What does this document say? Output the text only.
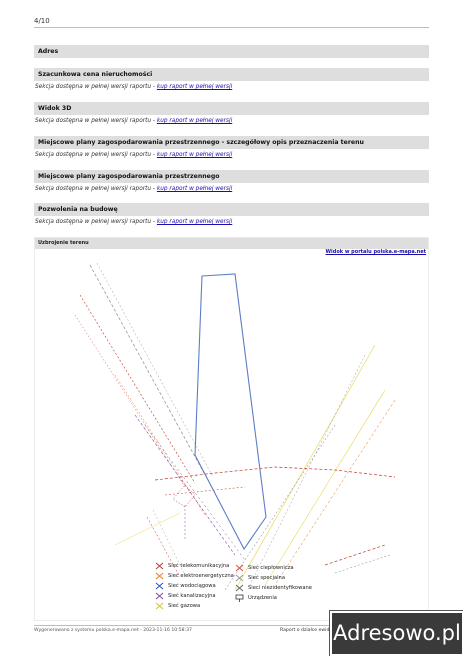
4/10
Adres
Szacunkowa cena nieruchomości
Sekcja dostępna w pełnej wersji raportu - kup raport w pełnej wersji
Widok 3D
Sekcja dostępna w pełnej wersji raportu - kup raport w pełnej wersji
Miejscowe plany zagospodarowania przestrzennego - szczegółowy opis przeznaczenia terenu
Sekcja dostępna w pełnej wersji raportu - kup raport w pełnej wersji
Miejscowe plany zagospodarowania przestrzennego
Sekcja dostępna w pełnej wersji raportu - kup raport w pełnej wersji
Pozwolenia na budowę
Sekcja dostępna w pełnej wersji raportu - kup raport w pełnej wersji
Uzbrojenie terenu
Widok w portalu polska.e-mapa.net
Sieć telekomunikacyjna
Sieć elektroenergetyczna
Sieć wodociągowa
Sieć kanalizacyjna
Sieć gazowa
Sieć ciepłownicza
Sieć specjalna
Sieci niezidentyfikowane
Urządzenia
Wygenerowano z systemu polska.e-mapa.net - 2023-11-16 10:58:37	Raport o działce ewid Adresowo.pl
